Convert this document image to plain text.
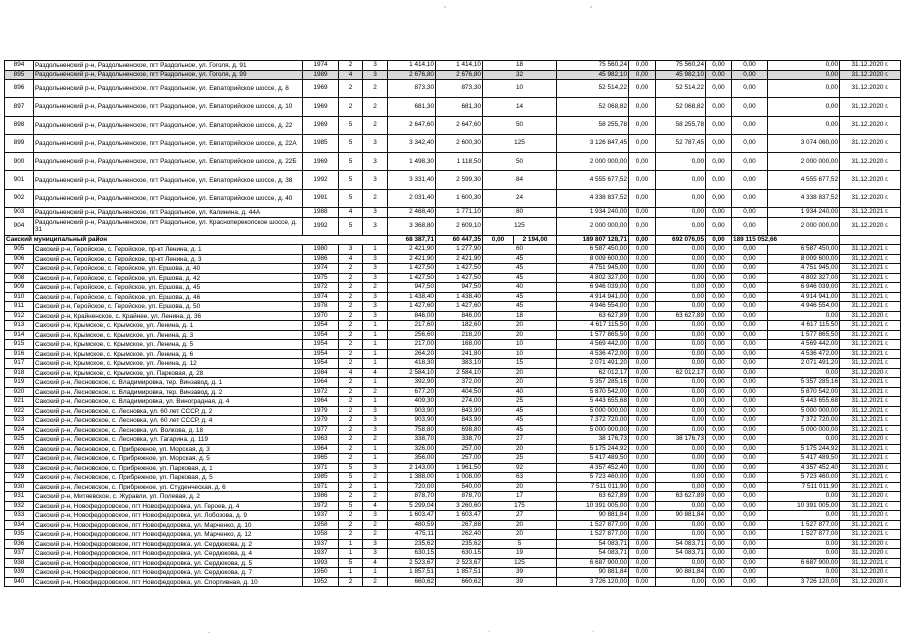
,	,
894	Раздольненский р-н, Раздольненское, пгт Раздольное, ул. Гоголя, д. 91	1974	2	3	1 414,10	1 414,10	18		75 560,24	0,00	75 560,24	0,00	0,00	0,00	31.12.2020 г.
895	Раздольненский р-н, Раздольненское, пгт Раздольное, ул. Гоголя, д. 99	1989	4	3	2 676,80	2 676,80	32		45 982,10	0,00	45 982,10	0,00	0,00	0,00	31.12.2020 г.
896	Раздольненский р-н, Раздольненское, пгт Раздольное, ул. Евпаторийское шоссе, д. 8	1969	2	2	873,30	873,30	10		52 514,22	0,00	52 514,22	0,00	0,00	0,00	31.12.2020 г.
897	Раздольненский р-н, Раздольненское, пгт Раздольное, ул. Евпаторийское шоссе, д. 10	1969	2	2	681,30	681,30	14		52 068,82	0,00	52 068,82	0,00	0,00	0,00	31.12.2020 г.
898	Раздольненский р-н, Раздольненское, пгт Раздольное, ул. Евпаторийское шоссе, д. 22	1969	5	2	2 647,60	2 647,60	50		58 255,78	0,00	58 255,78	0,00	0,00	0,00	31.12.2020 г.
899	Раздольненский р-н, Раздольненское, пгт Раздольное, ул. Евпаторийское шоссе, д. 22А	1985	5	3	3 342,40	2 600,30	125		3 126 847,45	0,00	52 787,45	0,00	0,00	3 074 060,00	31.12.2020 г.
900	Раздольненский р-н, Раздольненское, пгт Раздольное, ул. Евпаторийское шоссе, д. 22Б	1969	5	3	1 498,30	1 118,50	50		2 000 000,00	0,00	0,00	0,00	0,00	2 000 000,00	31.12.2020 г.
901	Раздольненский р-н, Раздольненское, пгт Раздольное, ул. Евпаторийское шоссе, д. 38	1992	5	3	3 331,40	2 599,30	84		4 555 677,52	0,00	0,00	0,00	0,00	4 555 677,52	31.12.2020 г.
902	Раздольненский р-н, Раздольненское, пгт Раздольное, ул. Евпаторийское шоссе, д. 40	1991	5	2	2 031,40	1 600,30	24		4 338 837,52	0,00	0,00	0,00	0,00	4 338 837,52	31.12.2020 г.
903	Раздольненский р-н, Раздольненское, пгт Раздольное, ул. Калинина, д. 44А	1988	4	3	2 468,40	1 771,10	80		1 934 240,00	0,00	0,00	0,00	0,00	1 934 240,00	31.12.2021 г.
904	Раздольненский р-н, Раздольненское, пгт Раздольное, ул. Красноперекопское шоссе, д. 31	1992	5	3	3 368,80	2 609,10	125		2 000 000,00	0,00	0,00	0,00	0,00	2 000 000,00	31.12.2020 г.
Сакский муниципальный район					68 387,71	60 447,35	0,00	2 194,00	189 807 128,71	0,00	692 076,05	0,00	189 115 052,66		
905	Сакский р-н, Геройское, с. Геройское, пр-кт Ленина, д. 1	1980	3	1	2 421,90	1 277,90	60		6 587 450,00	0,00	0,00	0,00	0,00	6 587 450,00	31.12.2021 г.
906	Сакский р-н, Геройское, с. Геройское, пр-кт Ленина, д. 3	1986	4	3	2 421,90	2 421,90	45		8 009 600,00	0,00	0,00	0,00	0,00	8 009 600,00	31.12.2021 г.
907	Сакский р-н, Геройское, с. Геройское, ул. Ершова, д. 40	1974	2	3	1 427,50	1 427,50	45		4 751 945,00	0,00	0,00	0,00	0,00	4 751 945,00	31.12.2021 г.
908	Сакский р-н, Геройское, с. Геройское, ул. Ершова, д. 42	1975	2	3	1 427,50	1 427,50	45		4 802 327,00	0,00	0,00	0,00	0,00	4 802 327,00	31.12.2021 г.
909	Сакский р-н, Геройское, с. Геройское, ул. Ершова, д. 45	1972	2	2	947,50	947,50	40		6 946 039,00	0,00	0,00	0,00	0,00	6 946 039,00	31.12.2021 г.
910	Сакский р-н, Геройское, с. Геройское, ул. Ершова, д. 46	1974	2	3	1 438,40	1 438,40	45		4 914 941,00	0,00	0,00	0,00	0,00	4 914 941,00	31.12.2021 г.
911	Сакский р-н, Геройское, с. Геройское, ул. Ершова, д. 50	1978	2	3	1 427,60	1 427,60	45		4 946 554,00	0,00	0,00	0,00	0,00	4 946 554,00	31.12.2021 г.
912	Сакский р-н, Крайненское, с. Крайнее, ул. Ленина, д. 36	1970	2	3	846,00	846,00	18		63 627,89	0,00	63 627,89	0,00	0,00	0,00	31.12.2020 г.
913	Сакский р-н, Крымское, с. Крымское, ул. Ленина, д. 1	1954	2	1	217,60	182,60	20		4 617 115,50	0,00	0,00	0,00	0,00	4 617 115,50	31.12.2021 г.
914	Сакский р-н, Крымское, с. Крымское, ул. Ленина, д. 3	1954	2	1	256,60	218,20	20		1 577 865,50	0,00	0,00	0,00	0,00	1 577 865,50	31.12.2021 г.
915	Сакский р-н, Крымское, с. Крымское, ул. Ленина, д. 5	1954	2	1	217,00	168,00	10		4 569 442,00	0,00	0,00	0,00	0,00	4 569 442,00	31.12.2021 г.
916	Сакский р-н, Крымское, с. Крымское, ул. Ленина, д. 6	1954	2	1	264,20	241,80	10		4 536 472,00	0,00	0,00	0,00	0,00	4 536 472,00	31.12.2021 г.
917	Сакский р-н, Крымское, с. Крымское, ул. Ленина, д. 12	1954	2	1	418,30	383,10	15		2 071 491,20	0,00	0,00	0,00	0,00	2 071 491,20	31.12.2021 г.
918	Сакский р-н, Крымское, с. Крымское, ул. Парковая, д. 28	1984	4	4	2 584,10	2 584,10	20		62 012,17	0,00	62 012,17	0,00	0,00	0,00	31.12.2020 г.
919	Сакский р-н, Лесновское, с. Владимировка, тер. Винзавод, д. 1	1964	2	1	392,90	372,00	20		5 357 285,16	0,00	0,00	0,00	0,00	5 357 285,16	31.12.2021 г.
920	Сакский р-н, Лесновское, с. Владимировка, тер. Винзавод, д. 2	1972	2	2	677,20	404,50	40		5 870 542,00	0,00	0,00	0,00	0,00	5 870 542,00	31.12.2021 г.
921	Сакский р-н, Лесновское, с. Владимировка, ул. Виноградная, д. 4	1964	2	1	409,30	274,00	25		5 443 655,68	0,00	0,00	0,00	0,00	5 443 655,68	31.12.2021 г.
922	Сакский р-н, Лесновское, с. Лесновка, ул. 60 лет СССР, д. 2	1979	2	3	903,90	843,90	45		5 000 000,00	0,00	0,00	0,00	0,00	5 000 000,00	31.12.2021 г.
923	Сакский р-н, Лесновское, с. Лесновка, ул. 60 лет СССР, д. 4	1979	2	3	903,90	843,90	45		7 372 720,00	0,00	0,00	0,00	0,00	7 372 720,00	31.12.2021 г.
924	Сакский р-н, Лесновское, с. Лесновка, ул. Волкова, д. 18	1977	2	3	758,80	698,80	45		5 000 000,00	0,00	0,00	0,00	0,00	5 000 000,00	31.12.2021 г.
925	Сакский р-н, Лесновское, с. Лесновка, ул. Гагарина, д. 119	1963	2	2	338,70	338,70	27		38 176,73	0,00	38 176,73	0,00	0,00	0,00	31.12.2020 г.
926	Сакский р-н, Лесновское, с. Прибрежное, ул. Морская, д. 3	1964	2	1	326,00	257,00	20		5 175 244,92	0,00	0,00	0,00	0,00	5 175 244,92	31.12.2021 г.
927	Сакский р-н, Лесновское, с. Прибрежное, ул. Морская, д. 5	1965	2	1	356,00	257,00	25		5 417 489,50	0,00	0,00	0,00	0,00	5 417 489,50	31.12.2021 г.
928	Сакский р-н, Лесновское, с. Прибрежное, ул. Парковая, д. 1	1971	5	3	2 143,00	1 961,50	92		4 357 452,40	0,00	0,00	0,00	0,00	4 357 452,40	31.12.2020 г.
929	Сакский р-н, Лесновское, с. Прибрежное, ул. Парковая, д. 5	1985	5	2	1 388,00	1 008,00	63		5 723 460,00	0,00	0,00	0,00	0,00	5 723 460,00	31.12.2021 г.
930	Сакский р-н, Лесновское, с. Прибрежное, ул. Студенческая, д. 6	1971	2	1	720,00	540,00	20		7 511 011,90	0,00	0,00	0,00	0,00	7 511 011,90	31.12.2021 г.
931	Сакский р-н, Митяевское, с. Журавли, ул. Полевая, д. 2	1986	2	2	878,70	878,70	17		63 627,89	0,00	63 627,89	0,00	0,00	0,00	31.12.2020 г.
932	Сакский р-н, Новофедоровское, пгт Новофедоровка, ул. Героев, д. 4	1972	5	4	5 299,04	3 260,60	175		10 391 005,00	0,00	0,00	0,00	0,00	10 391 005,00	31.12.2021 г.
933	Сакский р-н, Новофедоровское, пгт Новофедоровка, ул. Лобозова, д. 9	1937	2	3	1 603,47	1 603,47	27		90 881,84	0,00	90 881,84	0,00	0,00	0,00	31.12.2020 г.
934	Сакский р-н, Новофедоровское, пгт Новофедоровка, ул. Марченко, д. 10	1958	2	2	480,59	267,88	20		1 527 877,00	0,00	0,00	0,00	0,00	1 527 877,00	31.12.2021 г.
935	Сакский р-н, Новофедоровское, пгт Новофедоровка, ул. Марченко, д. 12	1958	2	2	475,11	262,40	20		1 527 877,00	0,00	0,00	0,00	0,00	1 527 877,00	31.12.2021 г.
936	Сакский р-н, Новофедоровское, пгт Новофедоровка, ул. Сердюкова, д. 2	1937	1	3	235,62	235,62	5		54 083,71	0,00	54 083,71	0,00	0,00	0,00	31.12.2020 г.
937	Сакский р-н, Новофедоровское, пгт Новофедоровка, ул. Сердюкова, д. 4	1937	1	3	630,15	630,15	19		54 083,71	0,00	54 083,71	0,00	0,00	0,00	31.12.2020 г.
938	Сакский р-н, Новофедоровское, пгт Новофедоровка, ул. Сердюкова, д. 5	1993	5	4	2 523,67	2 523,67	125		6 687 900,00	0,00	0,00	0,00	0,00	6 687 900,00	31.12.2021 г.
939	Сакский р-н, Новофедоровское, пгт Новофедоровка, ул. Сердюкова, д. 7	1950	1	1	1 857,51	1 857,51	39		90 881,84	0,00	90 881,84	0,00	0,00	0,00	31.12.2020 г.
940	Сакский р-н, Новофедоровское, пгт Новофедоровка, ул. Спортивная, д. 10	1952	2	2	660,62	660,62	39		3 726 120,00	0,00	0,00	0,00	0,00	3 726 120,00	31.12.2020 г.
.	·	·
